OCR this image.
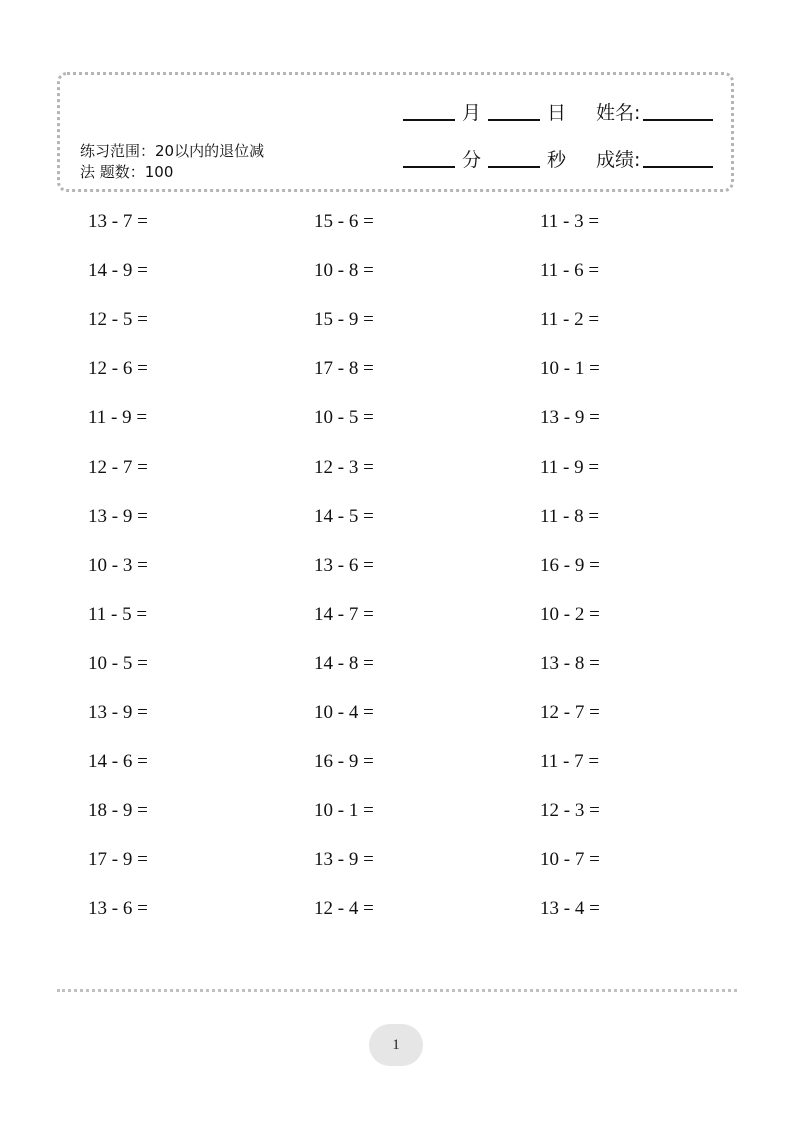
练习范围：20以内的退位减
法 题数：100
月	日	姓名:
分	秒	成绩:
13 - 7 =	15 - 6 =	11 - 3 =
14 - 9 =	10 - 8 =	11 - 6 =
12 - 5 =	15 - 9 =	11 - 2 =
12 - 6 =	17 - 8 =	10 - 1 =
11 - 9 =	10 - 5 =	13 - 9 =
12 - 7 =	12 - 3 =	11 - 9 =
13 - 9 =	14 - 5 =	11 - 8 =
10 - 3 =	13 - 6 =	16 - 9 =
11 - 5 =	14 - 7 =	10 - 2 =
10 - 5 =	14 - 8 =	13 - 8 =
13 - 9 =	10 - 4 =	12 - 7 =
14 - 6 =	16 - 9 =	11 - 7 =
18 - 9 =	10 - 1 =	12 - 3 =
17 - 9 =	13 - 9 =	10 - 7 =
13 - 6 =	12 - 4 =	13 - 4 =
1
